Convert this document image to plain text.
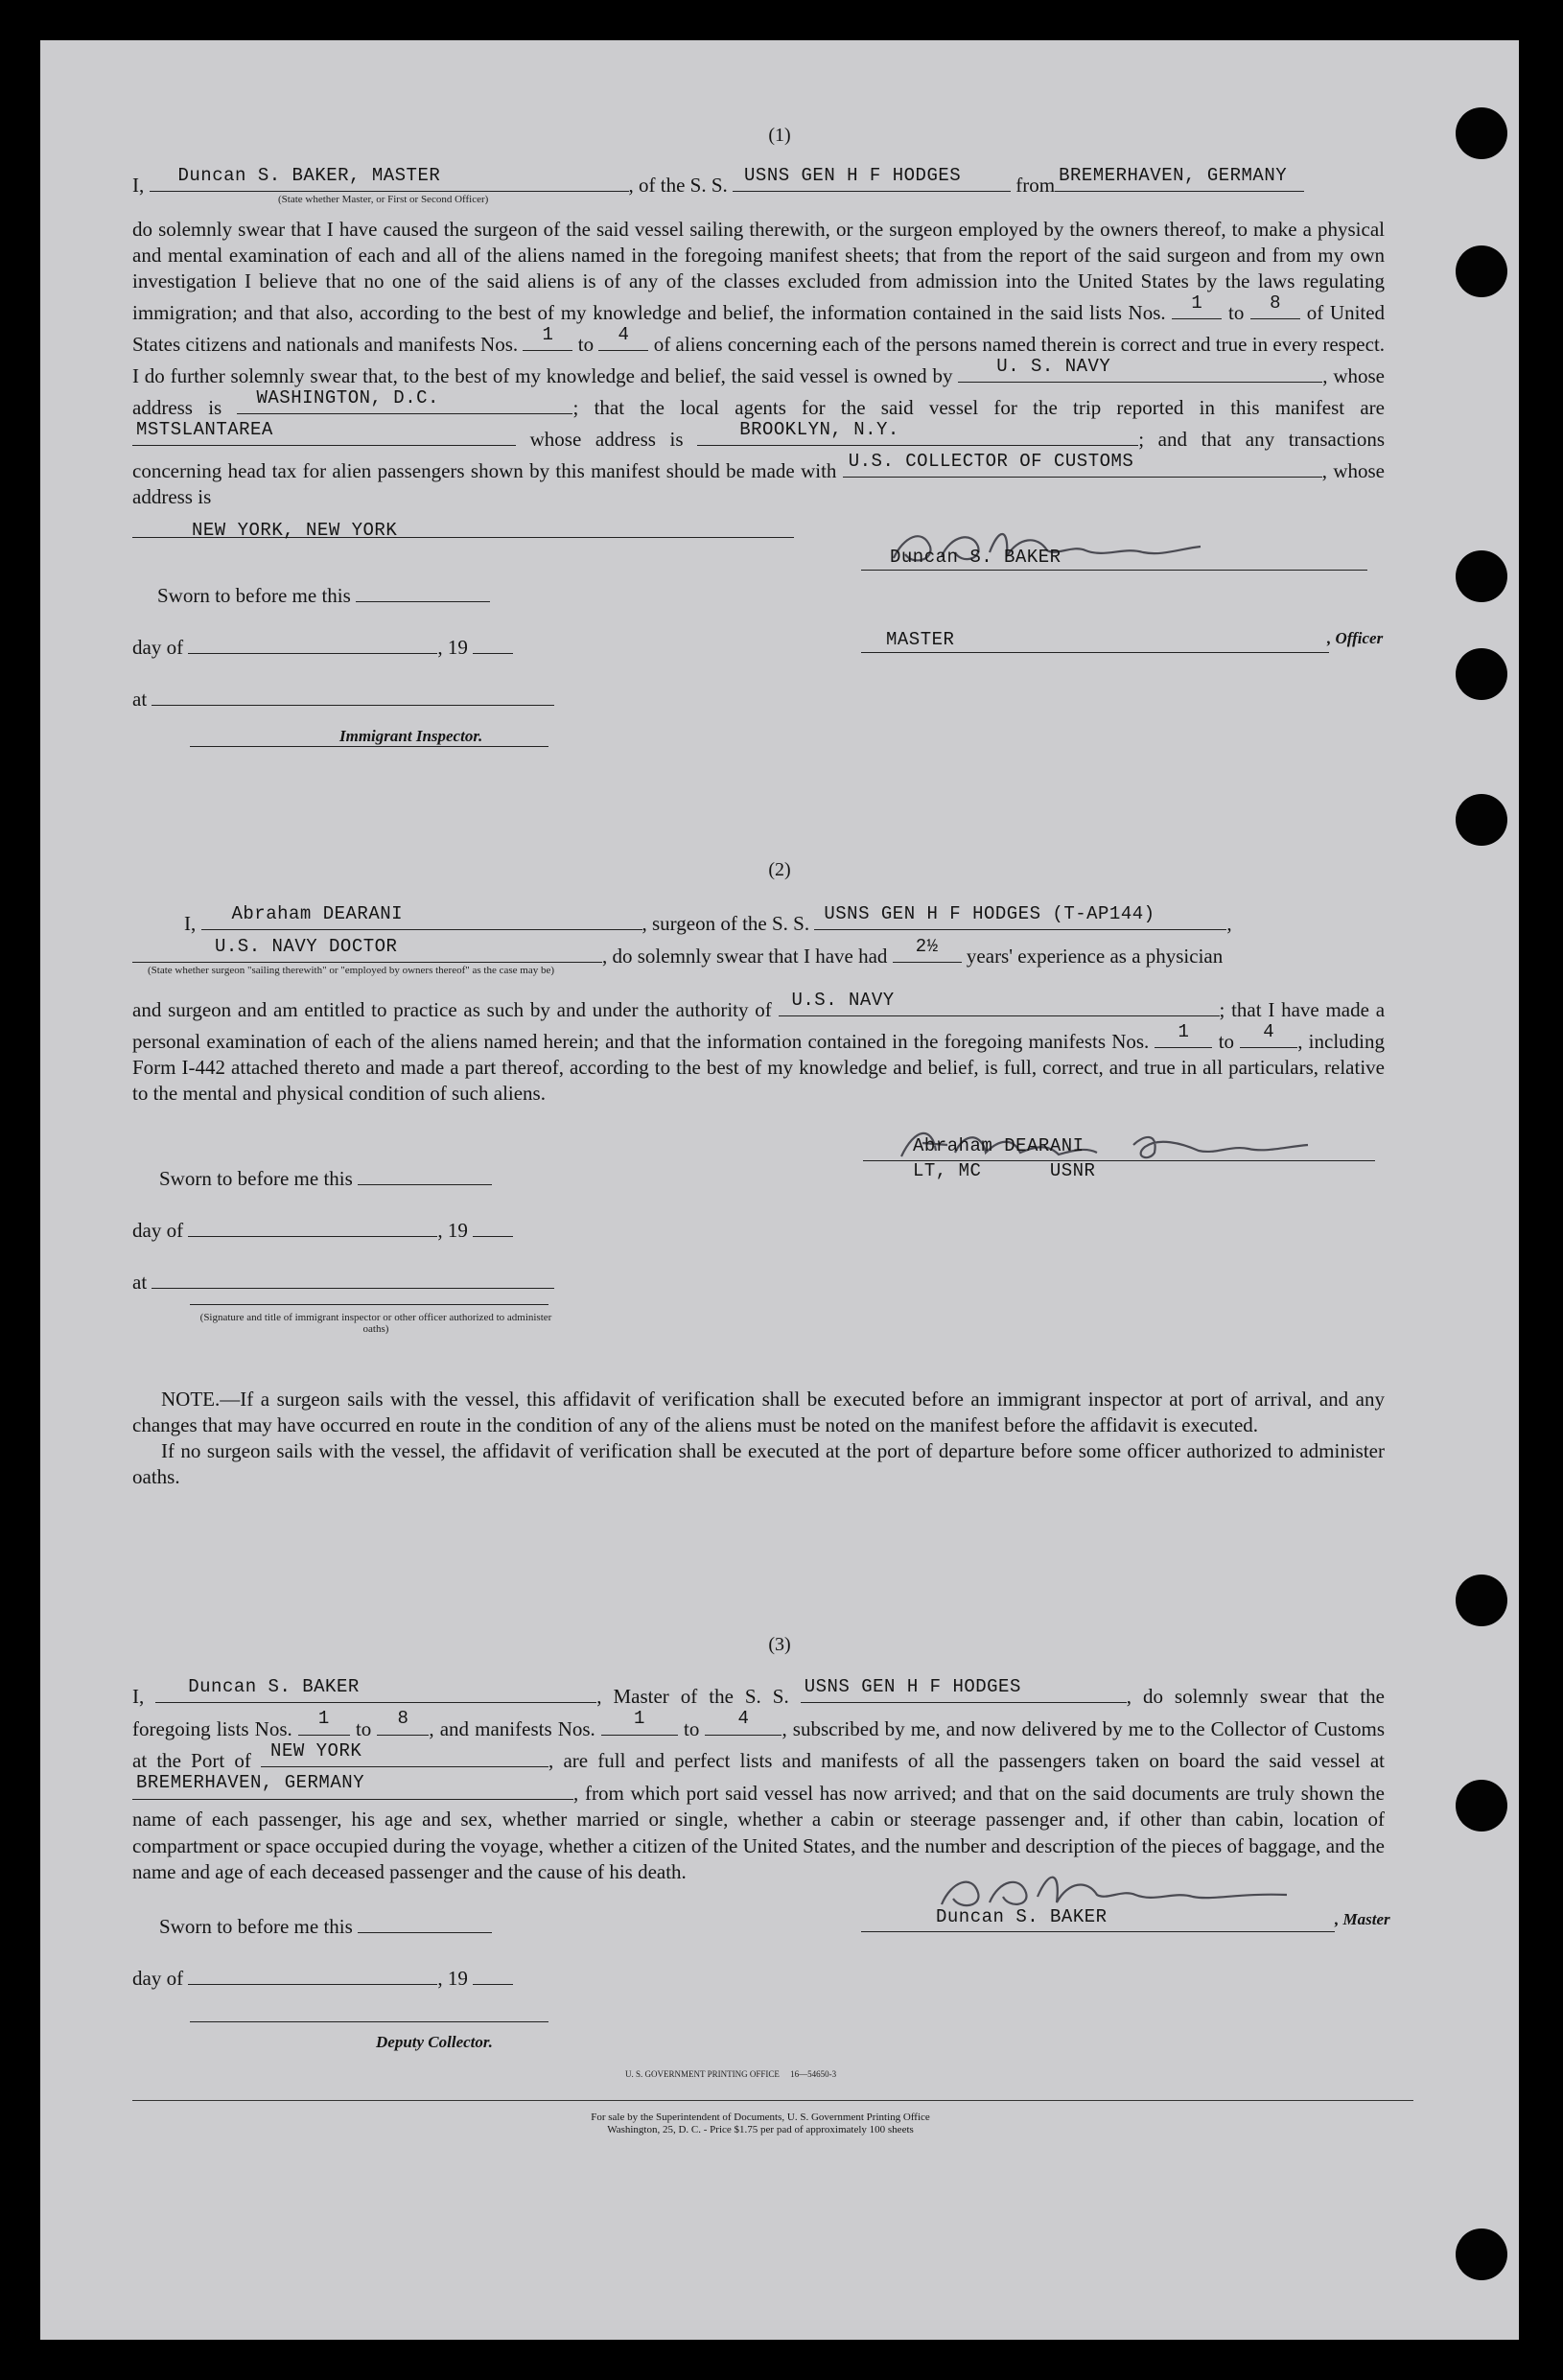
(1)
I, Duncan S. BAKER, MASTER	, of the S. S. USNS GEN H F HODGES	from BREMERHAVEN, GERMANY
(State whether Master, or First or Second Officer)

do solemnly swear that I have caused the surgeon of the said vessel sailing therewith, or the surgeon employed by the owners thereof, to make a physical and mental examination of each and all of the aliens named in the foregoing manifest sheets; that from the report of the said surgeon and from my own investigation I believe that no one of the said aliens is of any of the classes excluded from admission into the United States by the laws regulating immigration; and that also, according to the best of my knowledge and belief, the information contained in the said lists Nos.	1	to	8	of United States citizens and nationals and manifests Nos.	1	to	4	of aliens concerning each of the persons named therein is correct and true in every respect. I do further solemnly swear that, to the best of my knowledge and belief, the said vessel is owned by U. S. NAVY	, whose address is WASHINGTON, D.C.	; that the local agents for the said vessel for the trip reported in this manifest are
MSTSLANTAREA	whose address is	BROOKLYN, N.Y.	; and that any transactions concerning head tax for alien passengers shown by this manifest should be made with U.S. COLLECTOR OF CUSTOMS	, whose address is

NEW YORK, NEW YORK
Sworn to before me this
day of	, 19
at
Immigrant Inspector.
Duncan S. BAKER
MASTER	, Officer
(2)
I, Abraham DEARANI	, surgeon of the S. S. USNS GEN H F HODGES (T-AP144)	,
U.S. NAVY DOCTOR	, do solemnly swear that I have had	2½	years' experience as a physician
(State whether surgeon "sailing therewith" or "employed by owners thereof" as the case may be)

and surgeon and am entitled to practice as such by and under the authority of U.S. NAVY	; that I have made a personal examination of each of the aliens named herein; and that the information contained in the foregoing manifests Nos.	1	to	4	, including Form I-442 attached thereto and made a part thereof, according to the best of my knowledge and belief, is full, correct, and true in all particulars, relative to the mental and physical condition of such aliens.

Sworn to before me this
day of	, 19
at
(Signature and title of immigrant inspector or other officer authorized to administer oaths)
Abraham DEARANI
LT, MC      USNR

NOTE.—If a surgeon sails with the vessel, this affidavit of verification shall be executed before an immigrant inspector at port of arrival, and any changes that may have occurred en route in the condition of any of the aliens must be noted on the manifest before the affidavit is executed.

If no surgeon sails with the vessel, the affidavit of verification shall be executed at the port of departure before some officer authorized to administer oaths.

(3)

I, Duncan S. BAKER	, Master of the S. S. USNS GEN H F HODGES	, do solemnly swear that the foregoing lists Nos.	1	to	8	, and manifests Nos.	1	to	4	, subscribed by me, and now delivered by me to the Collector of Customs at the Port of NEW YORK	, are full and perfect lists and manifests of all the passengers taken on board the said vessel at
BREMERHAVEN, GERMANY	, from which port said vessel has now arrived; and that on the said documents are truly shown the name of each passenger, his age and sex, whether married or single, whether a cabin or steerage passenger and, if other than cabin, location of compartment or space occupied during the voyage, whether a citizen of the United States, and the number and description of the pieces of baggage, and the name and age of each deceased passenger and the cause of his death.

Sworn to before me this
day of	, 19
Deputy Collector.
Duncan S. BAKER	, Master
U. S. GOVERNMENT PRINTING OFFICE     16—54650-3
For sale by the Superintendent of Documents, U. S. Government Printing Office
Washington, 25, D. C. - Price $1.75 per pad of approximately 100 sheets
